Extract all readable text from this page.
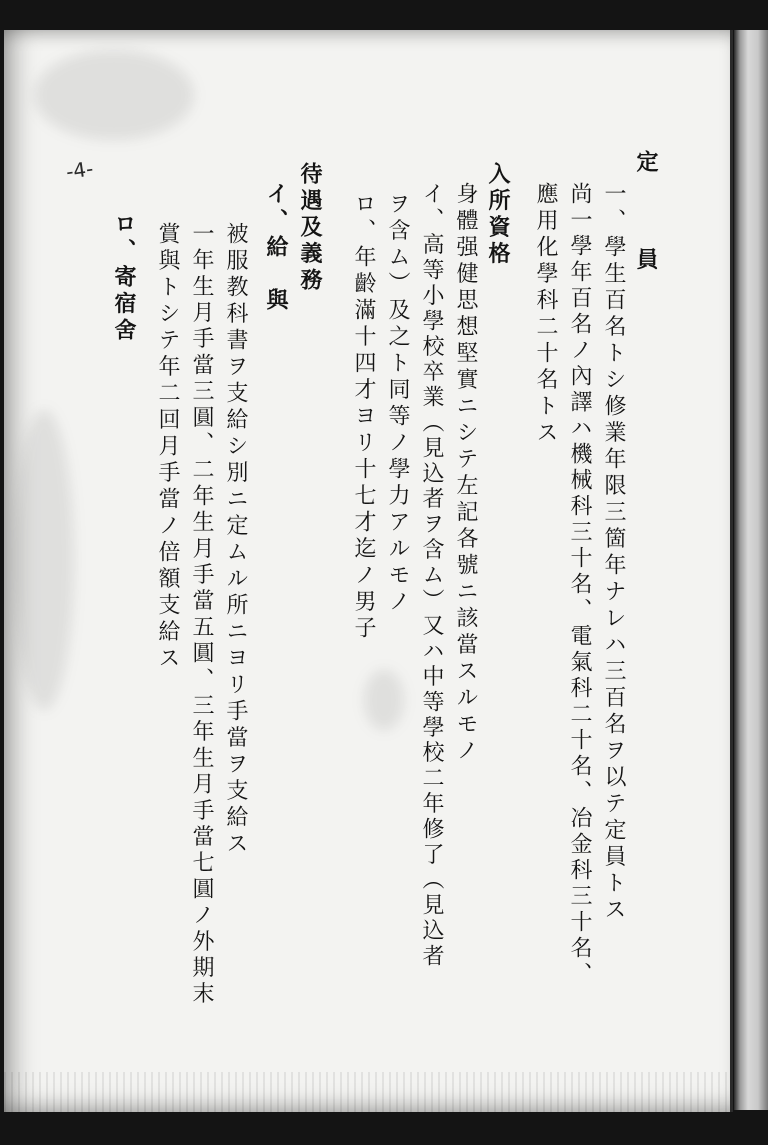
定 員
一、學生百名トシ修業年限三箇年ナレハ三百名ヲ以テ定員トス
尚一學年百名ノ內譯ハ機械科三十名、電氣科二十名、冶金科三十名、
應用化學科二十名トス
入所資格
身體强健思想堅實ニシテ左記各號ニ該當スルモノ
イ、高等小學校卒業（見込者ヲ含ム）又ハ中等學校二年修了（見込者
ヲ含ム）及之ト同等ノ學力アルモノ
ロ、年齡滿十四才ヨリ十七才迄ノ男子
待遇及義務
イ、給　與
被服教科書ヲ支給シ別ニ定ムル所ニヨリ手當ヲ支給ス
一年生月手當三圓、二年生月手當五圓、三年生月手當七圓ノ外期末
賞與トシテ年二回月手當ノ倍額支給ス
ロ、寄宿舍
-4-
